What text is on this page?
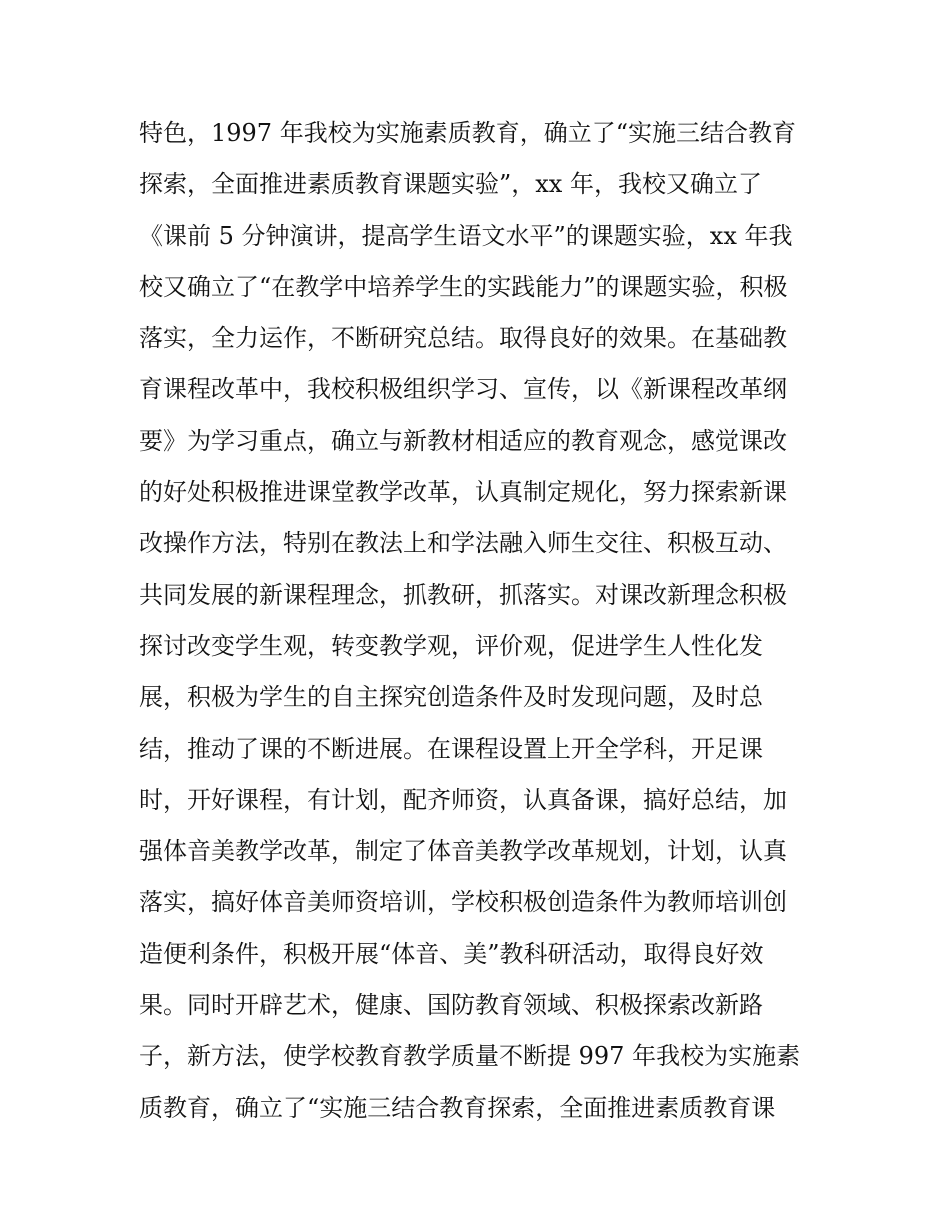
特色，1997 年我校为实施素质教育，确立了“实施三结合教育
探索，全面推进素质教育课题实验”，xx 年，我校又确立了
《课前 5 分钟演讲，提高学生语文水平”的课题实验，xx 年我
校又确立了“在教学中培养学生的实践能力”的课题实验，积极
落实，全力运作，不断研究总结。取得良好的效果。在基础教
育课程改革中，我校积极组织学习、宣传，以《新课程改革纲
要》为学习重点，确立与新教材相适应的教育观念，感觉课改
的好处积极推进课堂教学改革，认真制定规化，努力探索新课
改操作方法，特别在教法上和学法融入师生交往、积极互动、
共同发展的新课程理念，抓教研，抓落实。对课改新理念积极
探讨改变学生观，转变教学观，评价观，促进学生人性化发
展，积极为学生的自主探究创造条件及时发现问题，及时总
结，推动了课的不断进展。在课程设置上开全学科，开足课
时，开好课程，有计划，配齐师资，认真备课，搞好总结，加
强体音美教学改革，制定了体音美教学改革规划，计划，认真
落实，搞好体音美师资培训，学校积极创造条件为教师培训创
造便利条件，积极开展“体音、美”教科研活动，取得良好效
果。同时开辟艺术，健康、国防教育领域、积极探索改新路
子，新方法，使学校教育教学质量不断提 997 年我校为实施素
质教育，确立了“实施三结合教育探索，全面推进素质教育课
